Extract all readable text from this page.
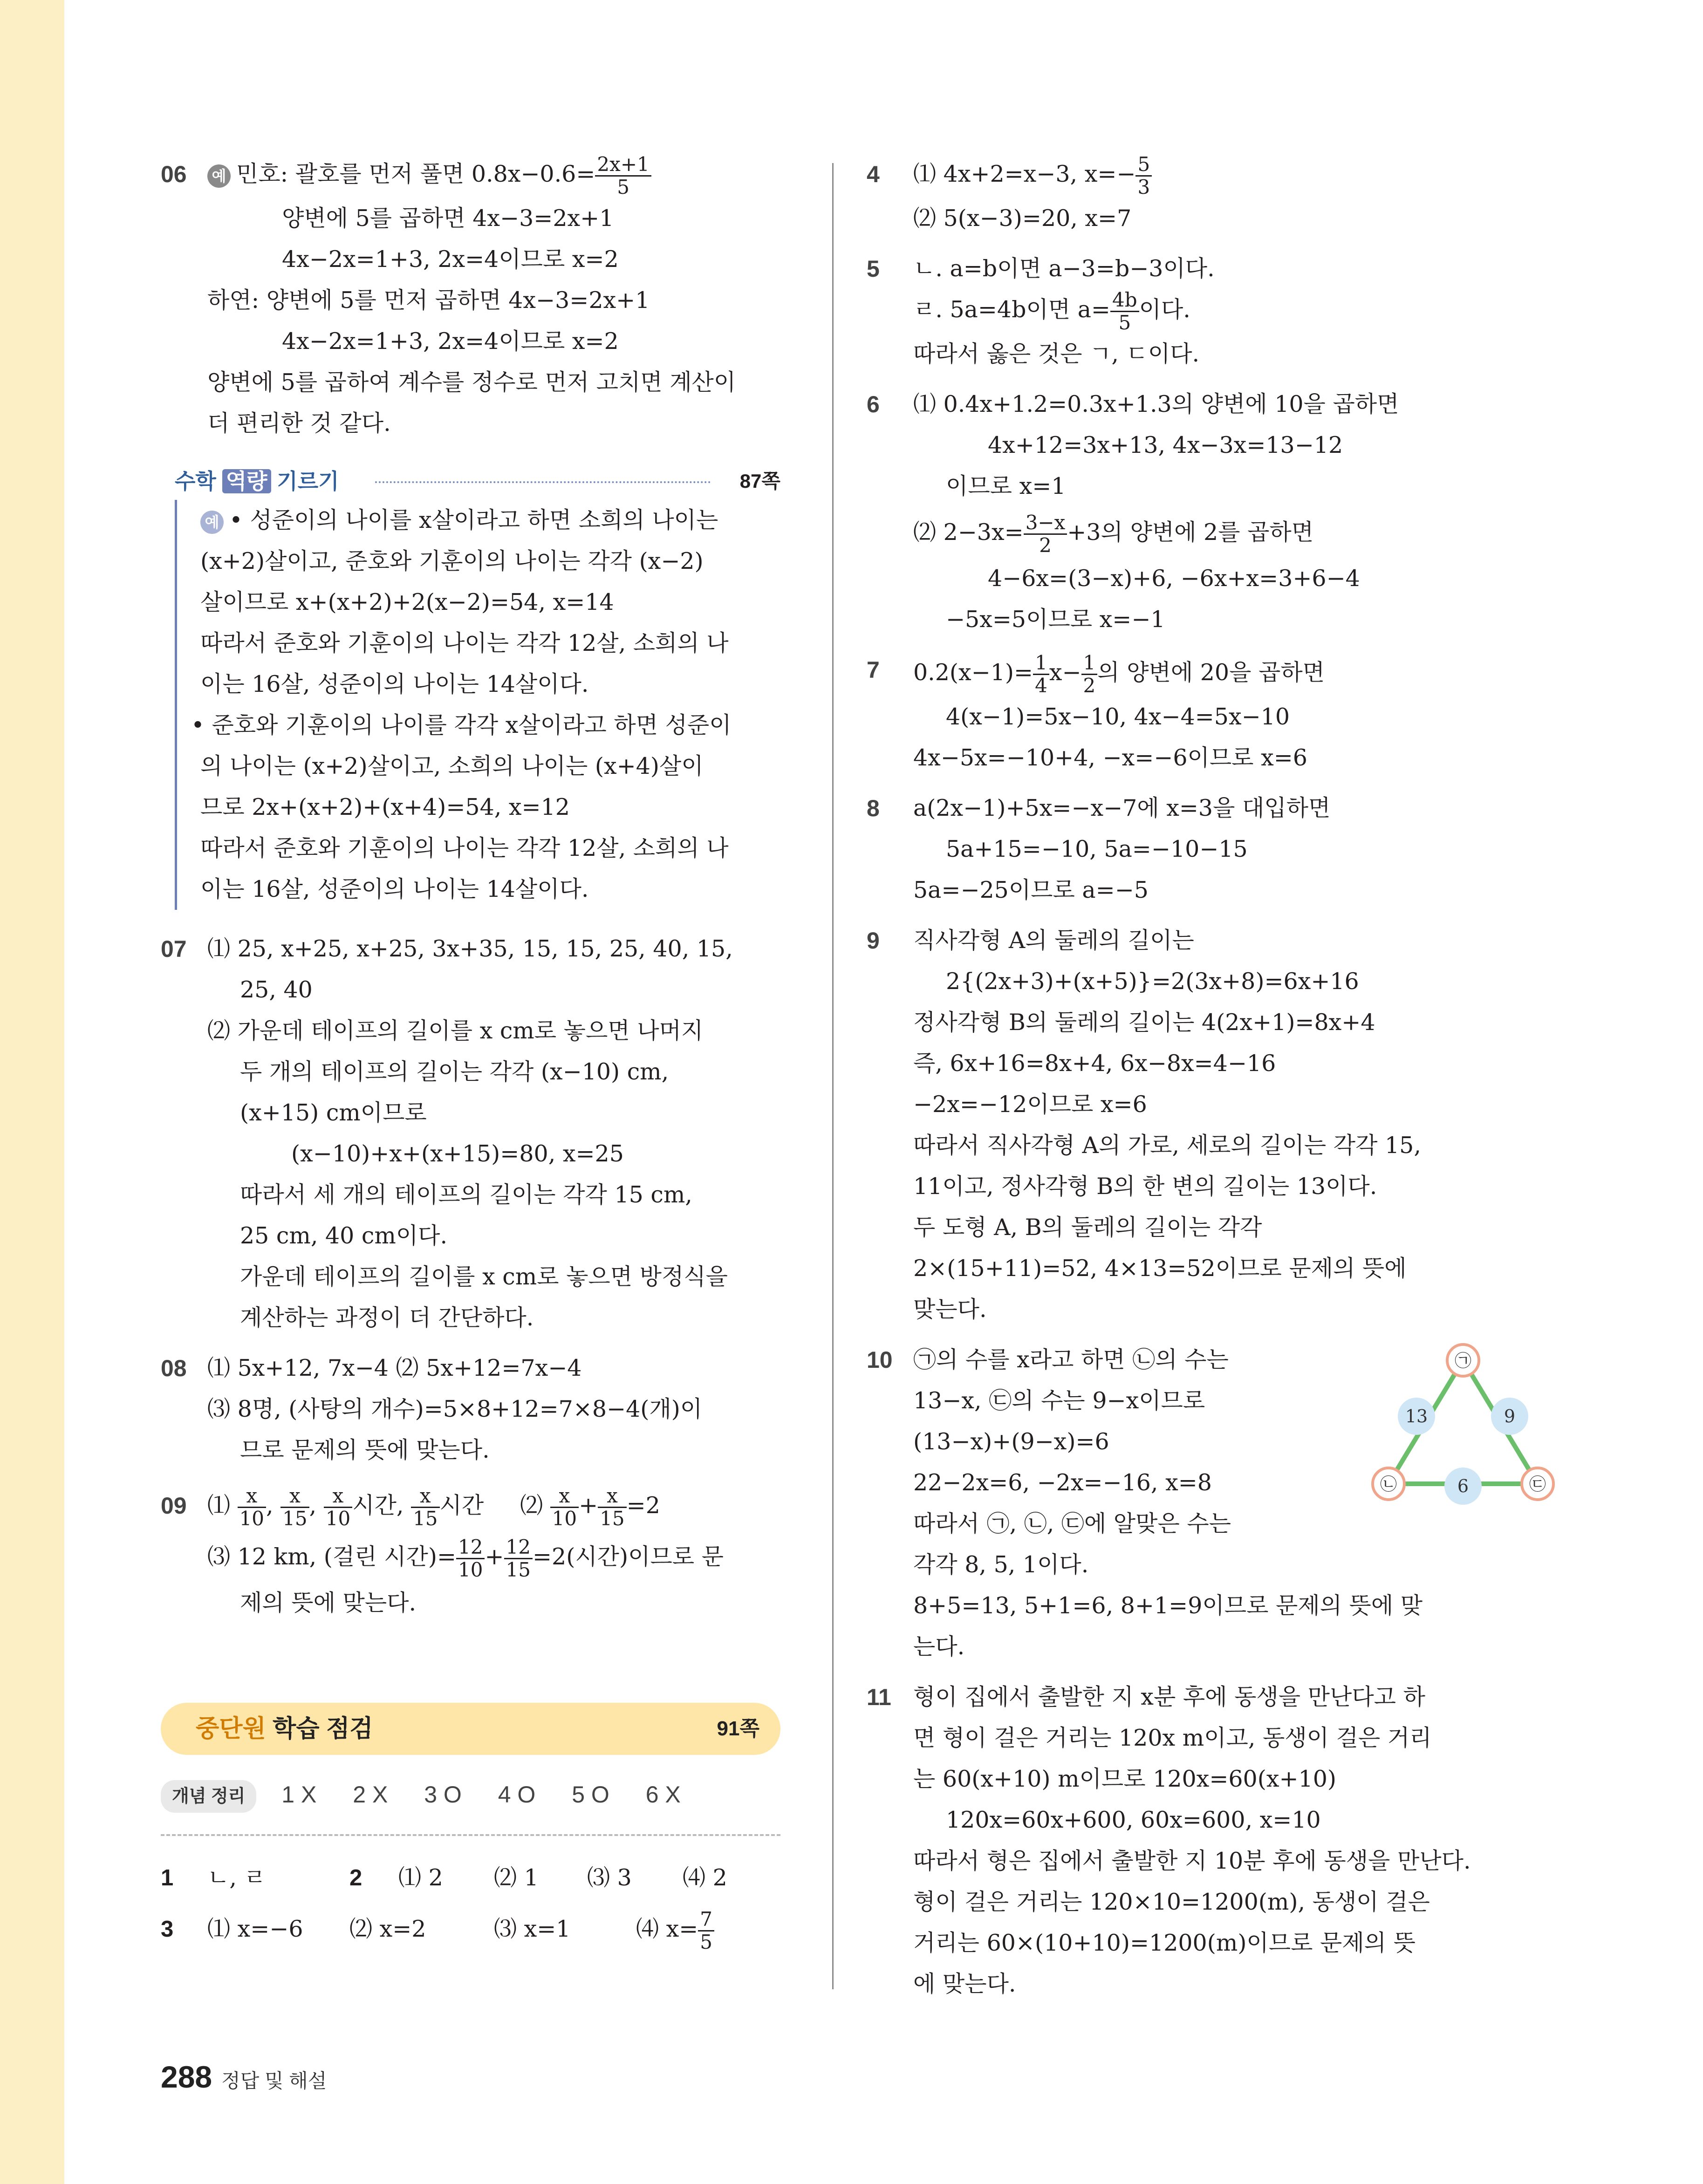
06 예 민호: 괄호를 먼저 풀면 $0.8x-0.6= \frac{2x+1}{5}$
양변에 5를 곱하면 4x−3=2x+1
4x−2x=1+3, 2x=4이므로 x=2
하연: 양변에 5를 먼저 곱하면 4x−3=2x+1
4x−2x=1+3, 2x=4이므로 x=2
양변에 5를 곱하여 계수를 정수로 먼저 고치면 계산이
더 편리한 것 같다.
수학 역량 기르기	87쪽
예 • 성준이의 나이를 x살이라고 하면 소희의 나이는
(x+2)살이고, 준호와 기훈이의 나이는 각각 (x−2)
살이므로 x+(x+2)+2(x−2)=54, x=14
따라서 준호와 기훈이의 나이는 각각 12살, 소희의 나
이는 16살, 성준이의 나이는 14살이다.
• 준호와 기훈이의 나이를 각각 x살이라고 하면 성준이
의 나이는 (x+2)살이고, 소희의 나이는 (x+4)살이
므로 2x+(x+2)+(x+4)=54, x=12
따라서 준호와 기훈이의 나이는 각각 12살, 소희의 나
이는 16살, 성준이의 나이는 14살이다.
07 ⑴ 25, x+25, x+25, 3x+35, 15, 15, 25, 40, 15,
25, 40
⑵ 가운데 테이프의 길이를 x cm로 놓으면 나머지
두 개의 테이프의 길이는 각각 (x−10) cm,
(x+15) cm이므로
(x−10)+x+(x+15)=80, x=25
따라서 세 개의 테이프의 길이는 각각 15 cm,
25 cm, 40 cm이다.
가운데 테이프의 길이를 x cm로 놓으면 방정식을
계산하는 과정이 더 간단하다.
08 ⑴ 5x+12, 7x−4 ⑵ 5x+12=7x−4
⑶ 8명, (사탕의 개수)=5×8+12=7×8−4(개)이
므로 문제의 뜻에 맞는다.
09 ⑴ $\frac{x}{10}$ , $\frac{x}{15}$ , $\frac{x}{10}$ 시간, $\frac{x}{15}$ 시간 ⑵ $\frac{x}{10} + \frac{x}{15} =2$
⑶ 12 km, (걸린 시간)= $\frac{12}{10} + \frac{12}{15} =2$(시간)이므로 문
제의 뜻에 맞는다.
중단원 학습 점검	91쪽
개념 정리 1 X 2 X 3 O 4 O 5 O 6 X
1 ㄴ, ㄹ	2 ⑴ 2 ⑵ 1 ⑶ 3 ⑷ 2
3 ⑴ x=−6 ⑵ x=2	⑶ x=1	⑷ $x= \frac{7}{5}$
4 ⑴ 4x+2=x−3, $x=- \frac{5}{3}$
⑵ 5(x−3)=20, x=7
5 ㄴ. a=b이면 a−3=b−3이다.
ㄹ. 5a=4b이면 $a= \frac{4b}{5}$ 이다.
따라서 옳은 것은 ㄱ, ㄷ이다.
6 ⑴ 0.4x+1.2=0.3x+1.3의 양변에 10을 곱하면
4x+12=3x+13, 4x−3x=13−12
이므로 x=1
⑵ $2-3x= \frac{3-x}{2} +3$의 양변에 2를 곱하면
4−6x=(3−x)+6, −6x+x=3+6−4
−5x=5이므로 x=−1
7 $0.2(x-1)= \frac{1}{4} x- \frac{1}{2}$ 의 양변에 20을 곱하면
4(x−1)=5x−10, 4x−4=5x−10
4x−5x=−10+4, −x=−6이므로 x=6
8 a(2x−1)+5x=−x−7에 x=3을 대입하면
5a+15=−10, 5a=−10−15
5a=−25이므로 a=−5
9 직사각형 A의 둘레의 길이는
2{(2x+3)+(x+5)}=2(3x+8)=6x+16
정사각형 B의 둘레의 길이는 4(2x+1)=8x+4
즉, 6x+16=8x+4, 6x−8x=4−16
−2x=−12이므로 x=6
따라서 직사각형 A의 가로, 세로의 길이는 각각 15,
11이고, 정사각형 B의 한 변의 길이는 13이다.
두 도형 A, B의 둘레의 길이는 각각
2×(15+11)=52, 4×13=52이므로 문제의 뜻에
맞는다.
10 ㉠의 수를 x라고 하면 ㉡의 수는
13−x, ㉢의 수는 9−x이므로
(13−x)+(9−x)=6
22−2x=6, −2x=−16, x=8
따라서 ㉠, ㉡, ㉢에 알맞은 수는
각각 8, 5, 1이다.
8+5=13, 5+1=6, 8+1=9이므로 문제의 뜻에 맞
는다.
㉠
㉡	㉢
13	9
6
11 형이 집에서 출발한 지 x분 후에 동생을 만난다고 하
면 형이 걸은 거리는 120x m이고, 동생이 걸은 거리
는 60(x+10) m이므로 120x=60(x+10)
120x=60x+600, 60x=600, x=10
따라서 형은 집에서 출발한 지 10분 후에 동생을 만난다.
형이 걸은 거리는 120×10=1200(m), 동생이 걸은
거리는 60×(10+10)=1200(m)이므로 문제의 뜻
에 맞는다.
288 정답 및 해설
